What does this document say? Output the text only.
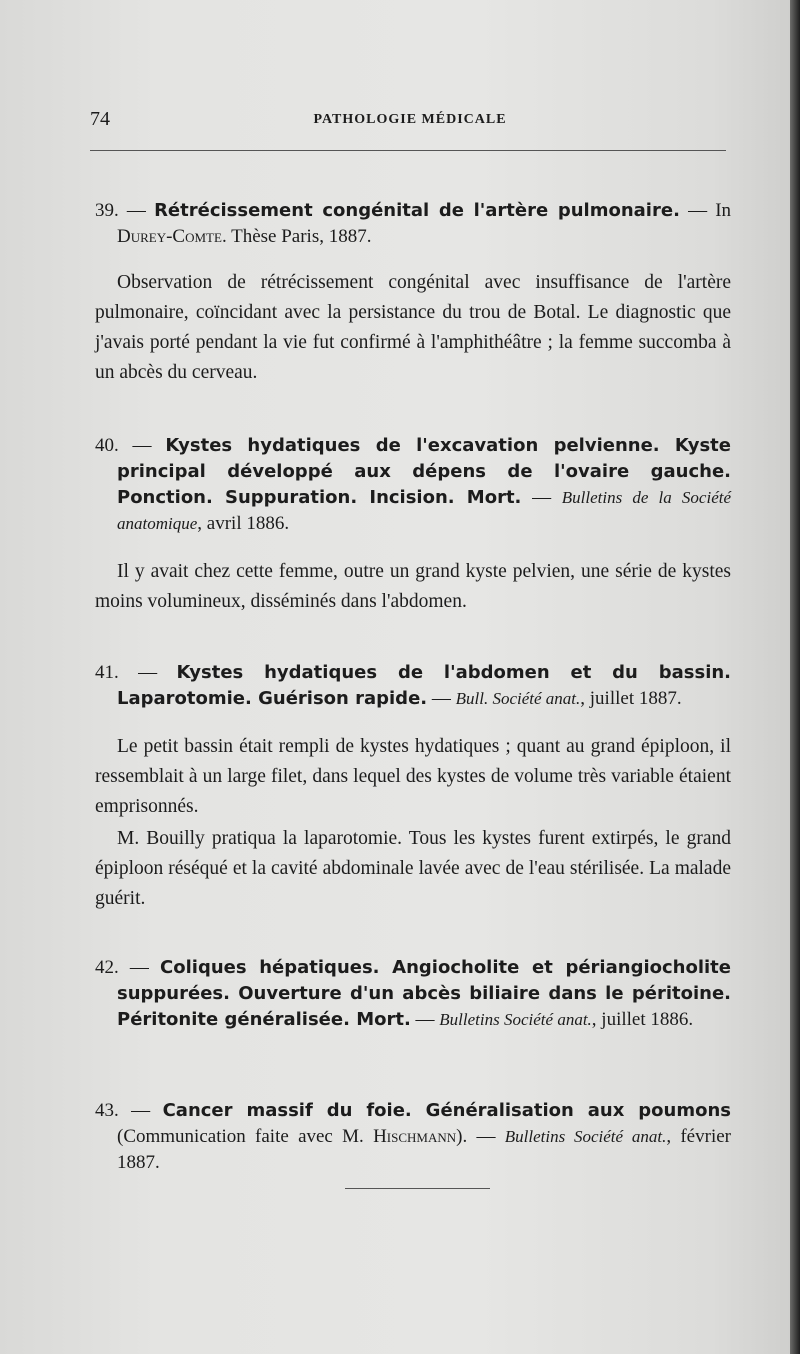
74	PATHOLOGIE MÉDICALE
39. — Rétrécissement congénital de l'artère pulmonaire. — In Durey-Comte. Thèse Paris, 1887.

Observation de rétrécissement congénital avec insuffisance de l'artère pulmonaire, coïncidant avec la persistance du trou de Botal. Le diagnostic que j'avais porté pendant la vie fut confirmé à l'amphithéâtre ; la femme succomba à un abcès du cerveau.

40. — Kystes hydatiques de l'excavation pelvienne. Kyste principal développé aux dépens de l'ovaire gauche. Ponction. Suppuration. Incision. Mort. — Bulletins de la Société anatomique, avril 1886.

Il y avait chez cette femme, outre un grand kyste pelvien, une série de kystes moins volumineux, disséminés dans l'abdomen.

41. — Kystes hydatiques de l'abdomen et du bassin. Laparotomie. Guérison rapide. — Bull. Société anat., juillet 1887.

Le petit bassin était rempli de kystes hydatiques ; quant au grand épiploon, il ressemblait à un large filet, dans lequel des kystes de volume très variable étaient emprisonnés.

M. Bouilly pratiqua la laparotomie. Tous les kystes furent extirpés, le grand épiploon réséqué et la cavité abdominale lavée avec de l'eau stérilisée. La malade guérit.

42. — Coliques hépatiques. Angiocholite et périangiocholite suppurées. Ouverture d'un abcès biliaire dans le péritoine. Péritonite généralisée. Mort. — Bulletins Société anat., juillet 1886.
43. — Cancer massif du foie. Généralisation aux poumons (Communication faite avec M. Hischmann). — Bulletins Société anat., février 1887.
